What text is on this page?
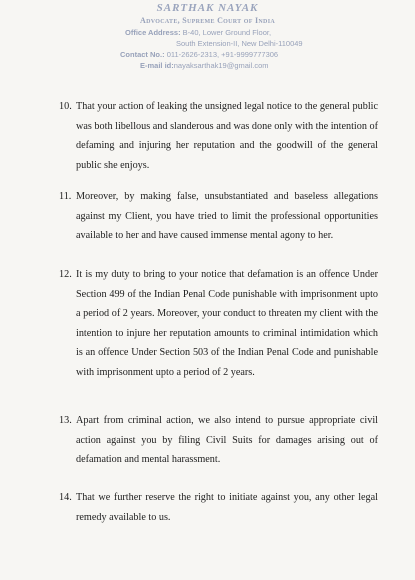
SARTHAK NAYAK
Advocate, Supreme Court of India
Office Address: B-40, Lower Ground Floor,
South Extension-II, New Delhi-110049
Contact No.: 011-2626-2313, +91-9999777306
E-mail id:nayaksarthak19@gmail.com
10. That your action of leaking the unsigned legal notice to the general public was both libellous and slanderous and was done only with the intention of defaming and injuring her reputation and the goodwill of the general public she enjoys.
11. Moreover, by making false, unsubstantiated and baseless allegations against my Client, you have tried to limit the professional opportunities available to her and have caused immense mental agony to her.
12. It is my duty to bring to your notice that defamation is an offence Under Section 499 of the Indian Penal Code punishable with imprisonment upto a period of 2 years. Moreover, your conduct to threaten my client with the intention to injure her reputation amounts to criminal intimidation which is an offence Under Section 503 of the Indian Penal Code and punishable with imprisonment upto a period of 2 years.
13. Apart from criminal action, we also intend to pursue appropriate civil action against you by filing Civil Suits for damages arising out of defamation and mental harassment.
14. That we further reserve the right to initiate against you, any other legal remedy available to us.
